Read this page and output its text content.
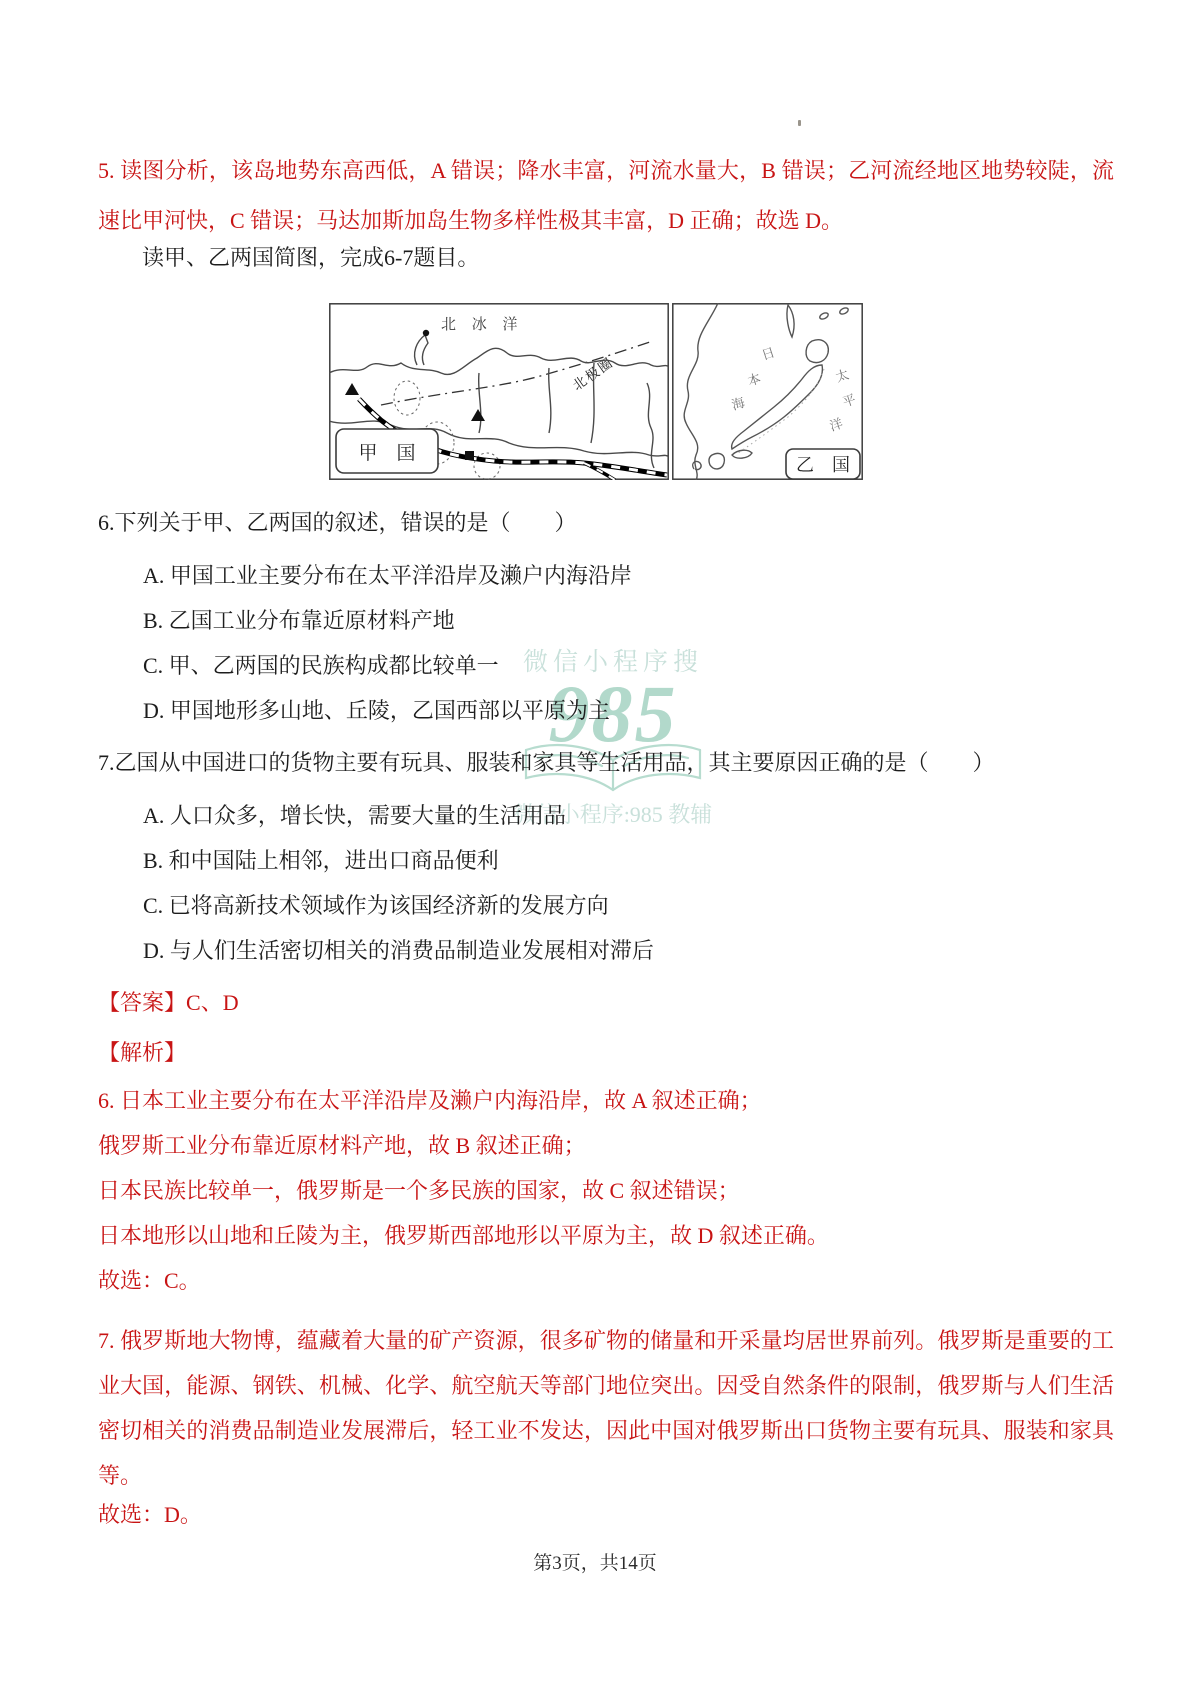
微信小程序搜
985
微信小程序:985 教辅
5. 读图分析，该岛地势东高西低，A 错误；降水丰富，河流水量大，B 错误；乙河流经地区地势较陡，流速比甲河快，C 错误；马达加斯加岛生物多样性极其丰富，D 正确；故选 D。
读甲、乙两国简图，完成6-7题目。
北 冰 洋
北极圈
甲　国
日
本
海
太
平
洋
乙　国
6.下列关于甲、乙两国的叙述，错误的是（　　）
A. 甲国工业主要分布在太平洋沿岸及濑户内海沿岸
B. 乙国工业分布靠近原材料产地
C. 甲、乙两国的民族构成都比较单一
D. 甲国地形多山地、丘陵，乙国西部以平原为主
7.乙国从中国进口的货物主要有玩具、服装和家具等生活用品，其主要原因正确的是（　　）
A. 人口众多，增长快，需要大量的生活用品
B. 和中国陆上相邻，进出口商品便利
C. 已将高新技术领域作为该国经济新的发展方向
D. 与人们生活密切相关的消费品制造业发展相对滞后
【答案】C、D
【解析】
6. 日本工业主要分布在太平洋沿岸及濑户内海沿岸，故 A 叙述正确；
俄罗斯工业分布靠近原材料产地，故 B 叙述正确；
日本民族比较单一，俄罗斯是一个多民族的国家，故 C 叙述错误；
日本地形以山地和丘陵为主，俄罗斯西部地形以平原为主，故 D 叙述正确。
故选：C。
7. 俄罗斯地大物博，蕴藏着大量的矿产资源，很多矿物的储量和开采量均居世界前列。俄罗斯是重要的工业大国，能源、钢铁、机械、化学、航空航天等部门地位突出。因受自然条件的限制，俄罗斯与人们生活密切相关的消费品制造业发展滞后，轻工业不发达，因此中国对俄罗斯出口货物主要有玩具、服装和家具等。
故选：D。
第3页，共14页
